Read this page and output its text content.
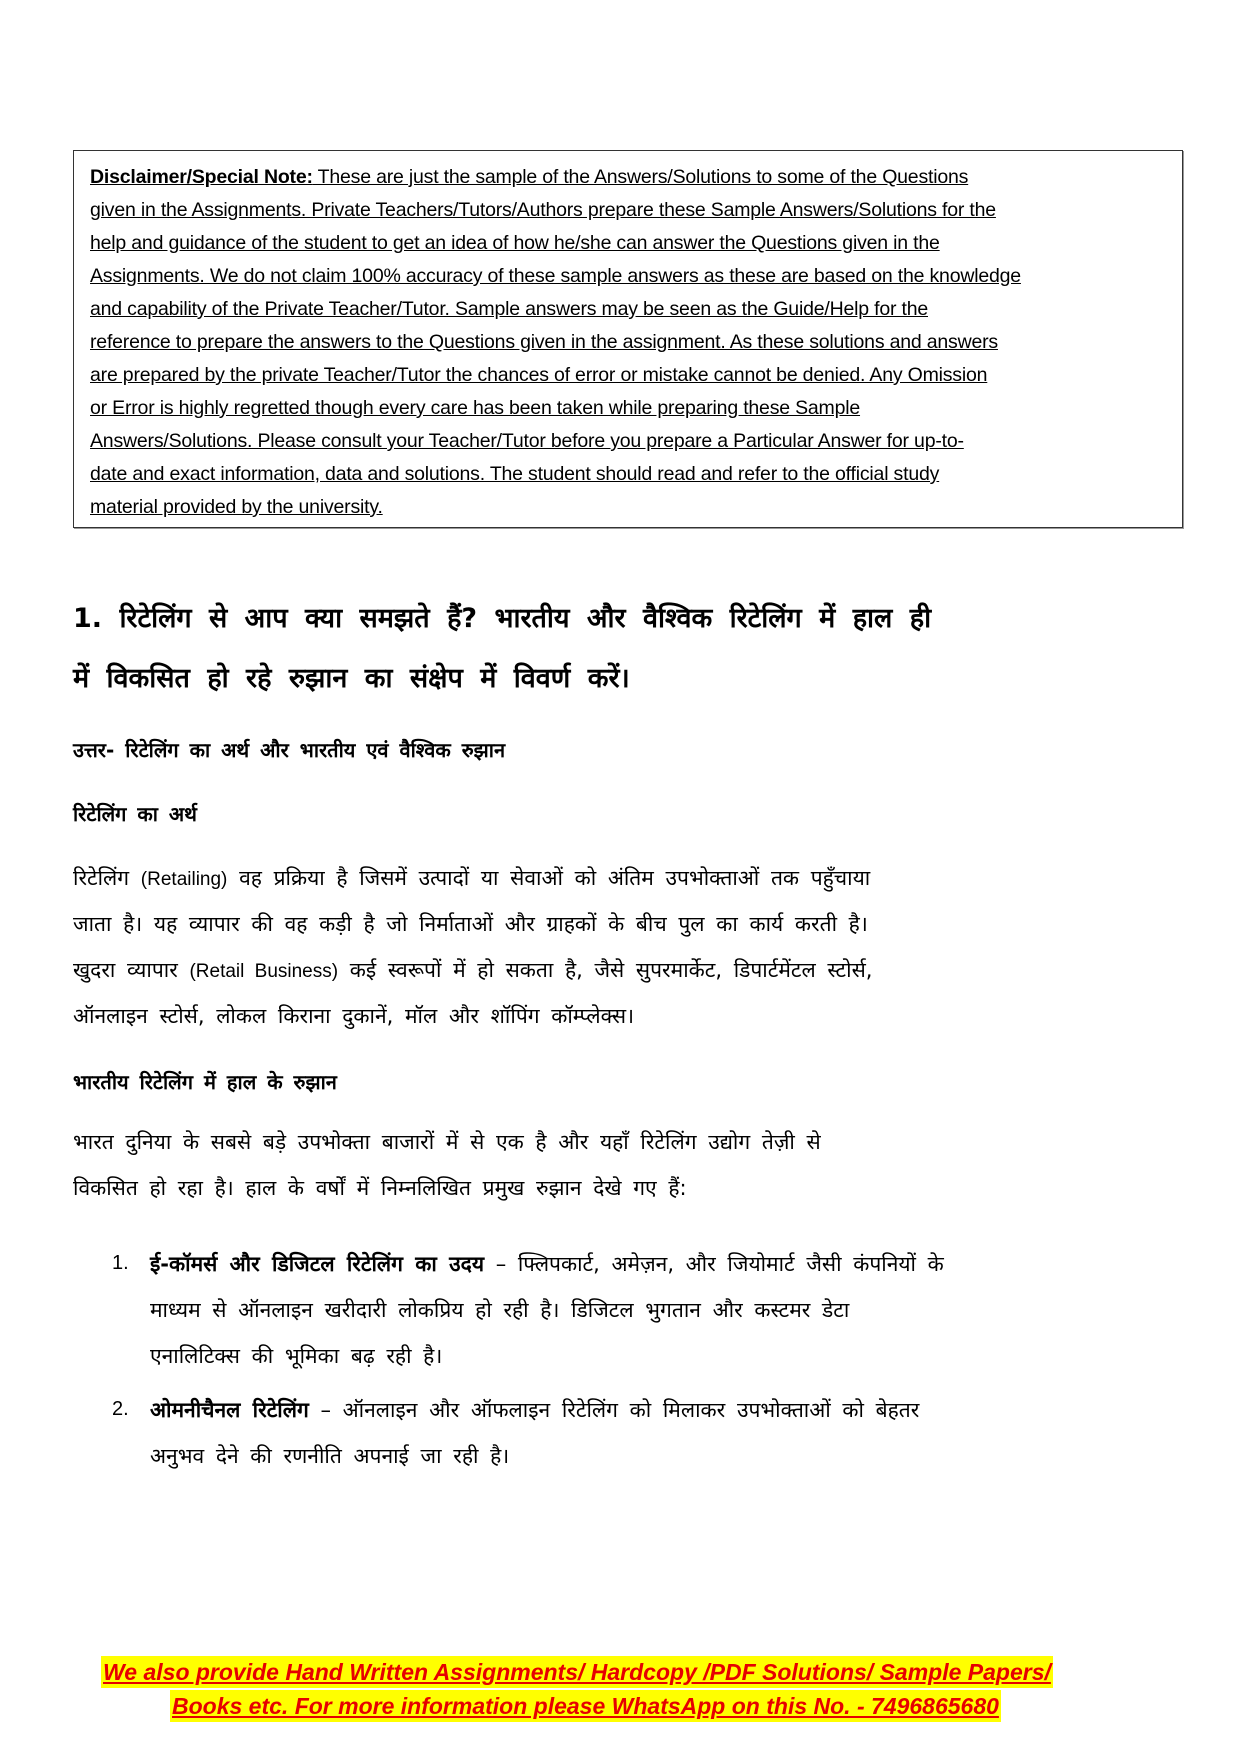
Disclaimer/Special Note: These are just the sample of the Answers/Solutions to some of the Questions
given in the Assignments. Private Teachers/Tutors/Authors prepare these Sample Answers/Solutions for the
help and guidance of the student to get an idea of how he/she can answer the Questions given in the
Assignments. We do not claim 100% accuracy of these sample answers as these are based on the knowledge
and capability of the Private Teacher/Tutor. Sample answers may be seen as the Guide/Help for the
reference to prepare the answers to the Questions given in the assignment. As these solutions and answers
are prepared by the private Teacher/Tutor the chances of error or mistake cannot be denied. Any Omission
or Error is highly regretted though every care has been taken while preparing these Sample
Answers/Solutions. Please consult your Teacher/Tutor before you prepare a Particular Answer for up-to-
date and exact information, data and solutions. The student should read and refer to the official study
material provided by the university.
1. रिटेलिंग से आप क्या समझते हैं? भारतीय और वैश्विक रिटेलिंग में हाल ही
में विकसित हो रहे रुझान का संक्षेप में विवर्ण करें।
उत्तर- रिटेलिंग का अर्थ और भारतीय एवं वैश्विक रुझान
रिटेलिंग का अर्थ
रिटेलिंग (Retailing) वह प्रक्रिया है जिसमें उत्पादों या सेवाओं को अंतिम उपभोक्ताओं तक पहुँचाया
जाता है। यह व्यापार की वह कड़ी है जो निर्माताओं और ग्राहकों के बीच पुल का कार्य करती है।
खुदरा व्यापार (Retail Business) कई स्वरूपों में हो सकता है, जैसे सुपरमार्केट, डिपार्टमेंटल स्टोर्स,
ऑनलाइन स्टोर्स, लोकल किराना दुकानें, मॉल और शॉपिंग कॉम्प्लेक्स।
भारतीय रिटेलिंग में हाल के रुझान
भारत दुनिया के सबसे बड़े उपभोक्ता बाजारों में से एक है और यहाँ रिटेलिंग उद्योग तेज़ी से
विकसित हो रहा है। हाल के वर्षों में निम्नलिखित प्रमुख रुझान देखे गए हैं:
1. ई-कॉमर्स और डिजिटल रिटेलिंग का उदय – फ्लिपकार्ट, अमेज़न, और जियोमार्ट जैसी कंपनियों के
माध्यम से ऑनलाइन खरीदारी लोकप्रिय हो रही है। डिजिटल भुगतान और कस्टमर डेटा
एनालिटिक्स की भूमिका बढ़ रही है।
2. ओमनीचैनल रिटेलिंग – ऑनलाइन और ऑफलाइन रिटेलिंग को मिलाकर उपभोक्ताओं को बेहतर
अनुभव देने की रणनीति अपनाई जा रही है।
We also provide Hand Written Assignments/ Hardcopy /PDF Solutions/ Sample Papers/
Books etc. For more information please WhatsApp on this No. - 7496865680
